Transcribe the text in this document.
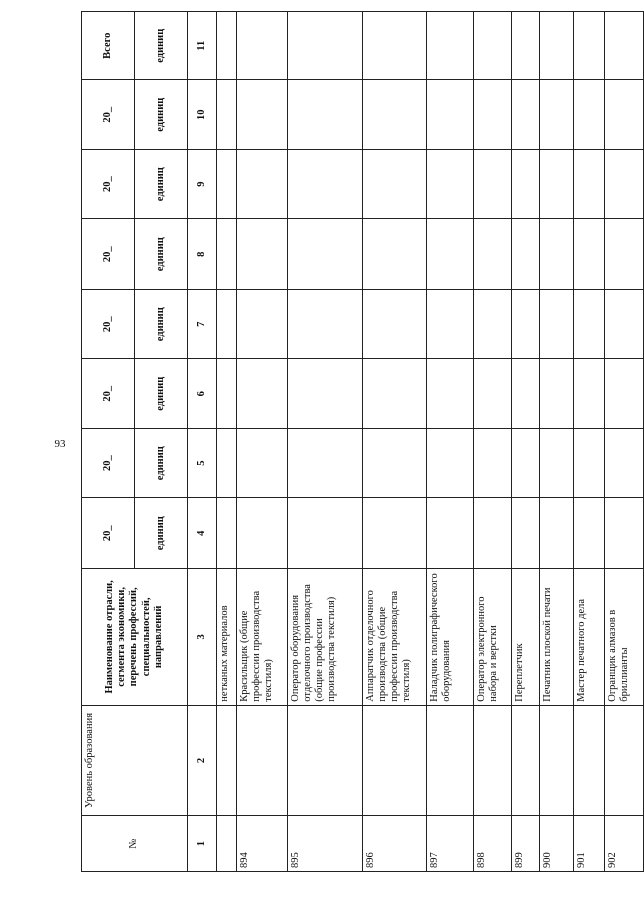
93
№	Уровень образования	Наименование отрасли, сегмента экономики, перечень профессий, специальностей, направлений	20_	20_	20_	20_	20_	20_	20_	Всего
			единиц	единиц	единиц	единиц	единиц	единиц	единиц	единиц
1	2	3	4	5	6	7	8	9	10	11
		нетканых материалов								
894		Красильщик (общие профессии производства текстиля)								
895		Оператор оборудования отделочного производства (общие профессии производства текстиля)								
896		Аппаратчик отделочного производства (общие профессии производства текстиля)								
897		Наладчик полиграфического оборудования								
898		Оператор электронного набора и верстки								
899		Переплетчик								
900		Печатник плоской печати								
901		Мастер печатного дела								
902		Огранщик алмазов в бриллианты								
